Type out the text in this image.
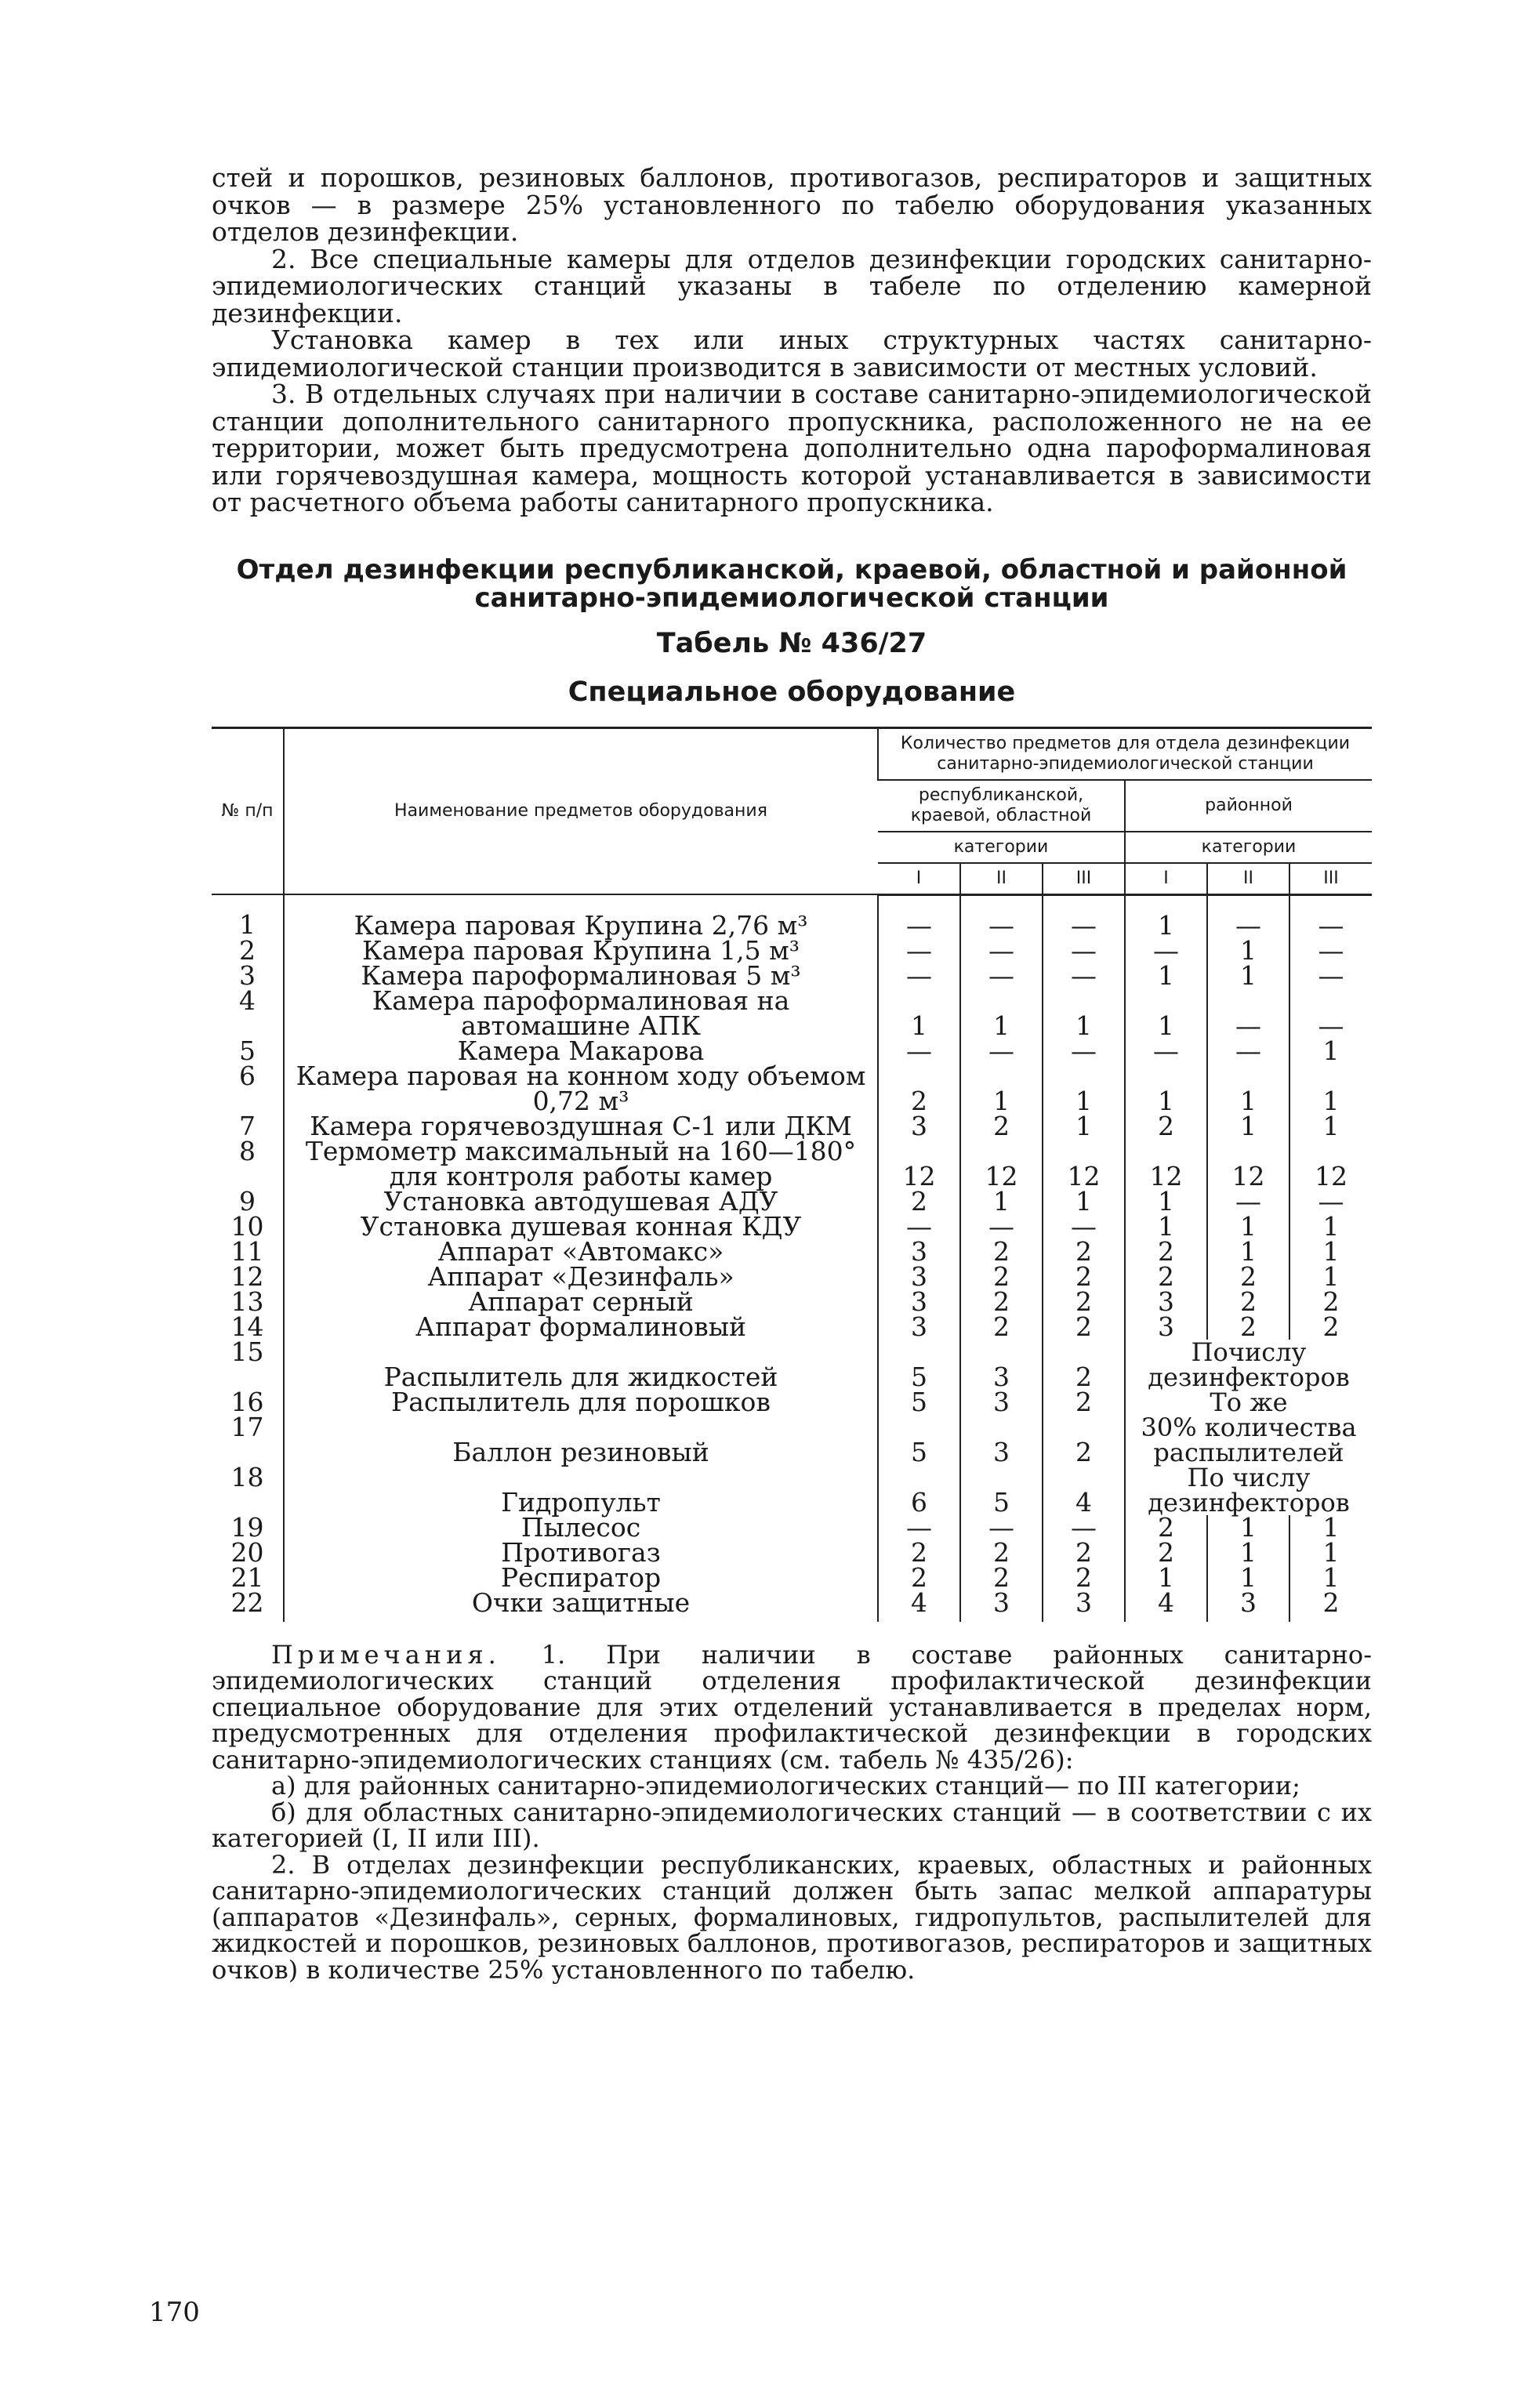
стей и порошков, резиновых баллонов, противогазов, респираторов и защитных очков — в размере 25% установленного по табелю оборудования указанных отделов дезинфекции.

2. Все специальные камеры для отделов дезинфекции городских санитарно-эпидемиологических станций указаны в табеле по отделению камерной дезинфекции.

Установка камер в тех или иных структурных частях санитарно-эпидемиологической станции производится в зависимости от местных условий.

3. В отдельных случаях при наличии в составе санитарно-эпидемиологической станции дополнительного санитарного пропускника, расположенного не на ее территории, может быть предусмотрена дополнительно одна пароформалиновая или горячевоздушная камера, мощность которой устанавливается в зависимости от расчетного объема работы санитарного пропускника.

Отдел дезинфекции республиканской, краевой, областной и районной санитарно-эпидемиологической станции
Табель № 436/27
Специальное оборудование
№ п/п	Наименование предметов оборудования	Количество предметов для отдела дезинфекции санитарно-эпидемиологической станции					
		республиканской, краевой, областной			районной		
		категории			категории		
		I	II	III	I	II	III
1	Камера паровая Крупина 2,76 м³	—	—	—	1	—	—
2	Камера паровая Крупина 1,5 м³	—	—	—	—	1	—
3	Камера пароформалиновая 5 м³	—	—	—	1	1	—
4	Камера пароформалиновая на автомашине АПК	1	1	1	1	—	—
5	Камера Макарова	—	—	—	—	—	1
6	Камера паровая на конном ходу объемом 0,72 м³	2	1	1	1	1	1
7	Камера горячевоздушная С-1 или ДКМ	3	2	1	2	1	1
8	Термометр максимальный на 160—180° для контроля работы камер	12	12	12	12	12	12
9	Установка автодушевая АДУ	2	1	1	1	—	—
10	Установка душевая конная КДУ	—	—	—	1	1	1
11	Аппарат «Автомакс»	3	2	2	2	1	1
12	Аппарат «Дезинфаль»	3	2	2	2	2	1
13	Аппарат серный	3	2	2	3	2	2
14	Аппарат формалиновый	3	2	2	3	2	2
15	Распылитель для жидкостей	5	3	2	Почислу дезинфекторов		
16	Распылитель для порошков	5	3	2	То же		
17	Баллон резиновый	5	3	2	30% количества распылителей		
18	Гидропульт	6	5	4	По числу дезинфекторов		
19	Пылесос	—	—	—	2	1	1
20	Противогаз	2	2	2	2	1	1
21	Респиратор	2	2	2	1	1	1
22	Очки защитные	4	3	3	4	3	2

Примечания. 1. При наличии в составе районных санитарно-эпидемиологических станций отделения профилактической дезинфекции специальное оборудование для этих отделений устанавливается в пределах норм, предусмотренных для отделения профилактической дезинфекции в городских санитарно-эпидемиологических станциях (см. табель № 435/26):

а) для районных санитарно-эпидемиологических станций— по III категории;

б) для областных санитарно-эпидемиологических станций — в соответствии с их категорией (I, II или III).

2. В отделах дезинфекции республиканских, краевых, областных и районных санитарно-эпидемиологических станций должен быть запас мелкой аппаратуры (аппаратов «Дезинфаль», серных, формалиновых, гидропультов, распылителей для жидкостей и порошков, резиновых баллонов, противогазов, респираторов и защитных очков) в количестве 25% установленного по табелю.

170
